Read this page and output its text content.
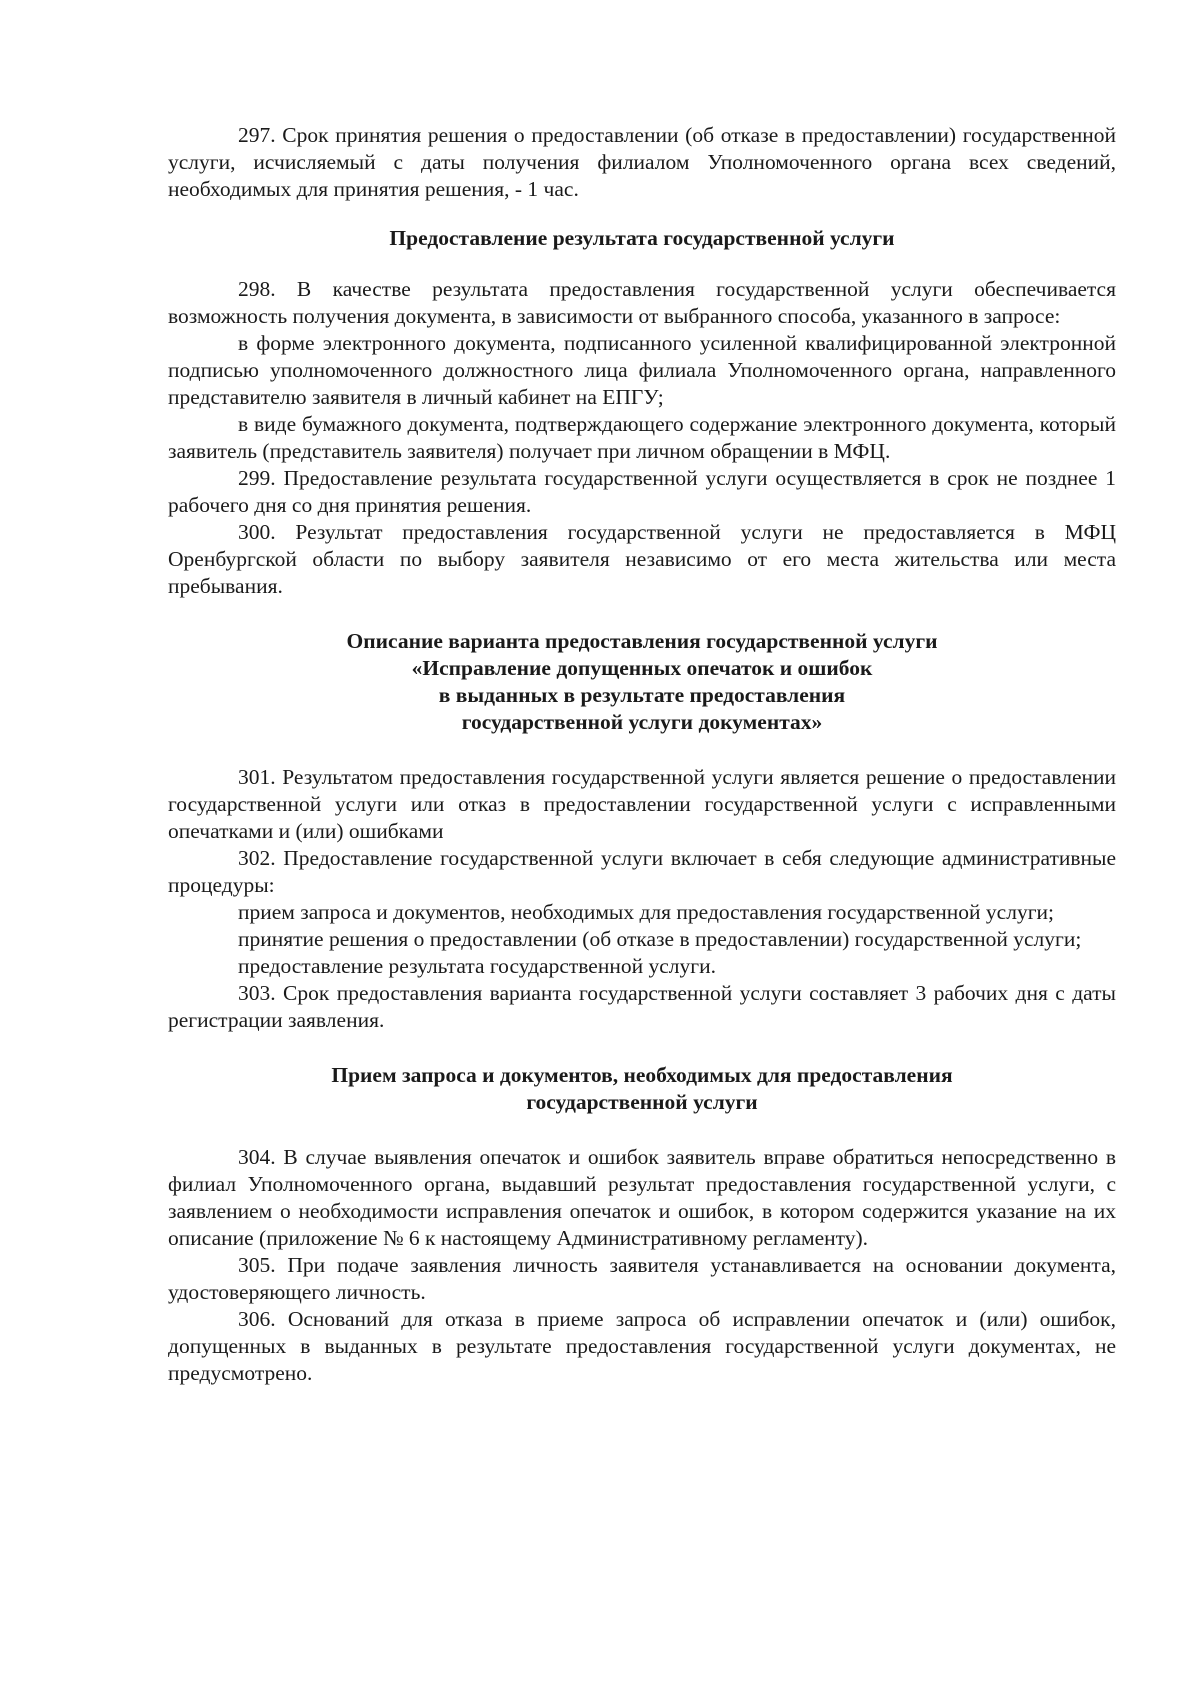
297. Срок принятия решения о предоставлении (об отказе в предоставлении) государственной услуги, исчисляемый с даты получения филиалом Уполномоченного органа всех сведений, необходимых для принятия решения, - 1 час.

Предоставление результата государственной услуги

298. В качестве результата предоставления государственной услуги обеспечивается возможность получения документа, в зависимости от выбранного способа, указанного в запросе:

в форме электронного документа, подписанного усиленной квалифицированной электронной подписью уполномоченного должностного лица филиала Уполномоченного органа, направленного представителю заявителя в личный кабинет на ЕПГУ;

в виде бумажного документа, подтверждающего содержание электронного документа, который заявитель (представитель заявителя) получает при личном обращении в МФЦ.

299. Предоставление результата государственной услуги осуществляется в срок не позднее 1 рабочего дня со дня принятия решения.

300. Результат предоставления государственной услуги не предоставляется в МФЦ Оренбургской области по выбору заявителя независимо от его места жительства или места пребывания.

Описание варианта предоставления государственной услуги
«Исправление допущенных опечаток и ошибок
в выданных в результате предоставления
государственной услуги документах»

301. Результатом предоставления государственной услуги является решение о предоставлении государственной услуги или отказ в предоставлении государственной услуги с исправленными опечатками и (или) ошибками

302. Предоставление государственной услуги включает в себя следующие административные процедуры:

прием запроса и документов, необходимых для предоставления государственной услуги;

принятие решения о предоставлении (об отказе в предоставлении) государственной услуги;

предоставление результата государственной услуги.

303. Срок предоставления варианта государственной услуги составляет 3 рабочих дня с даты регистрации заявления.

Прием запроса и документов, необходимых для предоставления
государственной услуги

304. В случае выявления опечаток и ошибок заявитель вправе обратиться непосредственно в филиал Уполномоченного органа, выдавший результат предоставления государственной услуги, с заявлением о необходимости исправления опечаток и ошибок, в котором содержится указание на их описание (приложение № 6 к настоящему Административному регламенту).

305. При подаче заявления личность заявителя устанавливается на основании документа, удостоверяющего личность.

306. Оснований для отказа в приеме запроса об исправлении опечаток и (или) ошибок, допущенных в выданных в результате предоставления государственной услуги документах, не предусмотрено.
